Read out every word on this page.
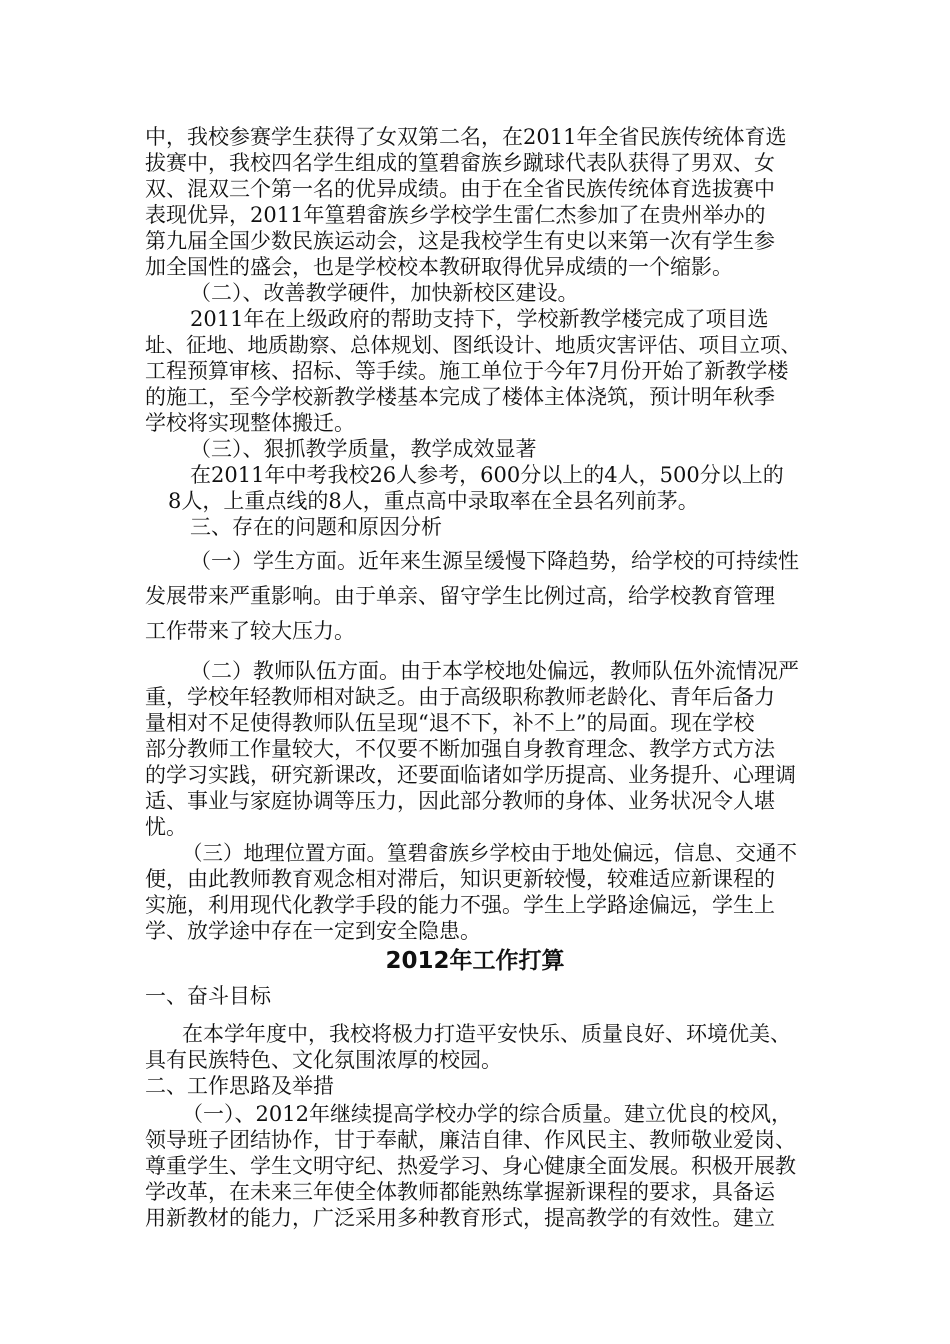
中，我校参赛学生获得了女双第二名，在2011年全省民族传统体育选
拔赛中，我校四名学生组成的篁碧畲族乡蹴球代表队获得了男双、女
双、混双三个第一名的优异成绩。由于在全省民族传统体育选拔赛中
表现优异，2011年篁碧畲族乡学校学生雷仁杰参加了在贵州举办的
第九届全国少数民族运动会，这是我校学生有史以来第一次有学生参
加全国性的盛会，也是学校校本教研取得优异成绩的一个缩影。
（二）、改善教学硬件，加快新校区建设。
2011年在上级政府的帮助支持下，学校新教学楼完成了项目选
址、征地、地质勘察、总体规划、图纸设计、地质灾害评估、项目立项、
工程预算审核、招标、等手续。施工单位于今年7月份开始了新教学楼
的施工，至今学校新教学楼基本完成了楼体主体浇筑，预计明年秋季
学校将实现整体搬迁。
（三）、狠抓教学质量，教学成效显著
在2011年中考我校26人参考，600分以上的4人，500分以上的
8人，上重点线的8人，重点高中录取率在全县名列前茅。
三、存在的问题和原因分析
（一）学生方面。近年来生源呈缓慢下降趋势，给学校的可持续性
发展带来严重影响。由于单亲、留守学生比例过高，给学校教育管理
工作带来了较大压力。
（二）教师队伍方面。由于本学校地处偏远，教师队伍外流情况严
重，学校年轻教师相对缺乏。由于高级职称教师老龄化、青年后备力
量相对不足使得教师队伍呈现“退不下，补不上”的局面。现在学校
部分教师工作量较大，不仅要不断加强自身教育理念、教学方式方法
的学习实践，研究新课改，还要面临诸如学历提高、业务提升、心理调
适、事业与家庭协调等压力，因此部分教师的身体、业务状况令人堪
忧。
（三）地理位置方面。篁碧畲族乡学校由于地处偏远，信息、交通不
便，由此教师教育观念相对滞后，知识更新较慢，较难适应新课程的
实施，利用现代化教学手段的能力不强。学生上学路途偏远，学生上
学、放学途中存在一定到安全隐患。
2012年工作打算
一、奋斗目标
在本学年度中，我校将极力打造平安快乐、质量良好、环境优美、
具有民族特色、文化氛围浓厚的校园。
二、工作思路及举措
（一）、2012年继续提高学校办学的综合质量。建立优良的校风，
领导班子团结协作，甘于奉献，廉洁自律、作风民主、教师敬业爱岗、
尊重学生、学生文明守纪、热爱学习、身心健康全面发展。积极开展教
学改革，在未来三年使全体教师都能熟练掌握新课程的要求，具备运
用新教材的能力，广泛采用多种教育形式，提高教学的有效性。建立
